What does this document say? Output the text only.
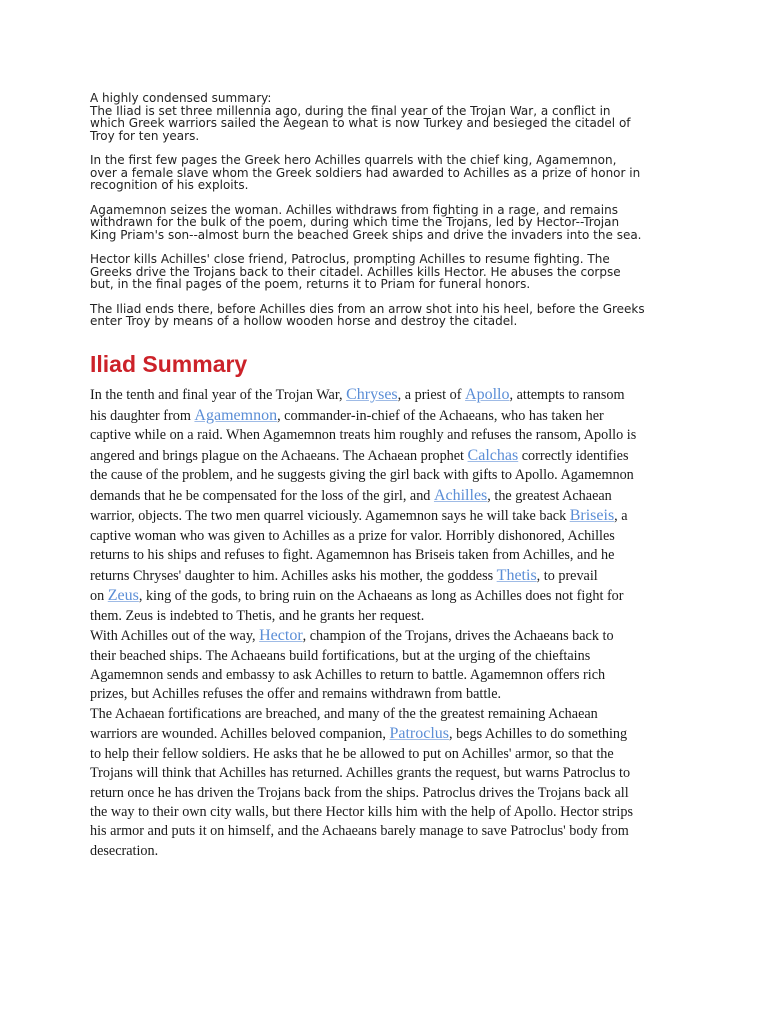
A highly condensed summary:
The Iliad is set three millennia ago, during the final year of the Trojan War, a conflict in
which Greek warriors sailed the Aegean to what is now Turkey and besieged the citadel of
Troy for ten years.

In the first few pages the Greek hero Achilles quarrels with the chief king, Agamemnon,
over a female slave whom the Greek soldiers had awarded to Achilles as a prize of honor in
recognition of his exploits.

Agamemnon seizes the woman. Achilles withdraws from fighting in a rage, and remains
withdrawn for the bulk of the poem, during which time the Trojans, led by Hector--Trojan
King Priam's son--almost burn the beached Greek ships and drive the invaders into the sea.

Hector kills Achilles' close friend, Patroclus, prompting Achilles to resume fighting. The
Greeks drive the Trojans back to their citadel. Achilles kills Hector. He abuses the corpse
but, in the final pages of the poem, returns it to Priam for funeral honors.

The Iliad ends there, before Achilles dies from an arrow shot into his heel, before the Greeks
enter Troy by means of a hollow wooden horse and destroy the citadel.

Iliad Summary
In the tenth and final year of the Trojan War, Chryses, a priest of Apollo, attempts to ransom
his daughter from Agamemnon, commander-in-chief of the Achaeans, who has taken her
captive while on a raid. When Agamemnon treats him roughly and refuses the ransom, Apollo is
angered and brings plague on the Achaeans. The Achaean prophet Calchas correctly identifies
the cause of the problem, and he suggests giving the girl back with gifts to Apollo. Agamemnon
demands that he be compensated for the loss of the girl, and Achilles, the greatest Achaean
warrior, objects. The two men quarrel viciously. Agamemnon says he will take back Briseis, a
captive woman who was given to Achilles as a prize for valor. Horribly dishonored, Achilles
returns to his ships and refuses to fight. Agamemnon has Briseis taken from Achilles, and he
returns Chryses' daughter to him. Achilles asks his mother, the goddess Thetis, to prevail
on Zeus, king of the gods, to bring ruin on the Achaeans as long as Achilles does not fight for
them. Zeus is indebted to Thetis, and he grants her request.
With Achilles out of the way, Hector, champion of the Trojans, drives the Achaeans back to
their beached ships. The Achaeans build fortifications, but at the urging of the chieftains
Agamemnon sends and embassy to ask Achilles to return to battle. Agamemnon offers rich
prizes, but Achilles refuses the offer and remains withdrawn from battle.
The Achaean fortifications are breached, and many of the the greatest remaining Achaean
warriors are wounded. Achilles beloved companion, Patroclus, begs Achilles to do something
to help their fellow soldiers. He asks that he be allowed to put on Achilles' armor, so that the
Trojans will think that Achilles has returned. Achilles grants the request, but warns Patroclus to
return once he has driven the Trojans back from the ships. Patroclus drives the Trojans back all
the way to their own city walls, but there Hector kills him with the help of Apollo. Hector strips
his armor and puts it on himself, and the Achaeans barely manage to save Patroclus' body from
desecration.
